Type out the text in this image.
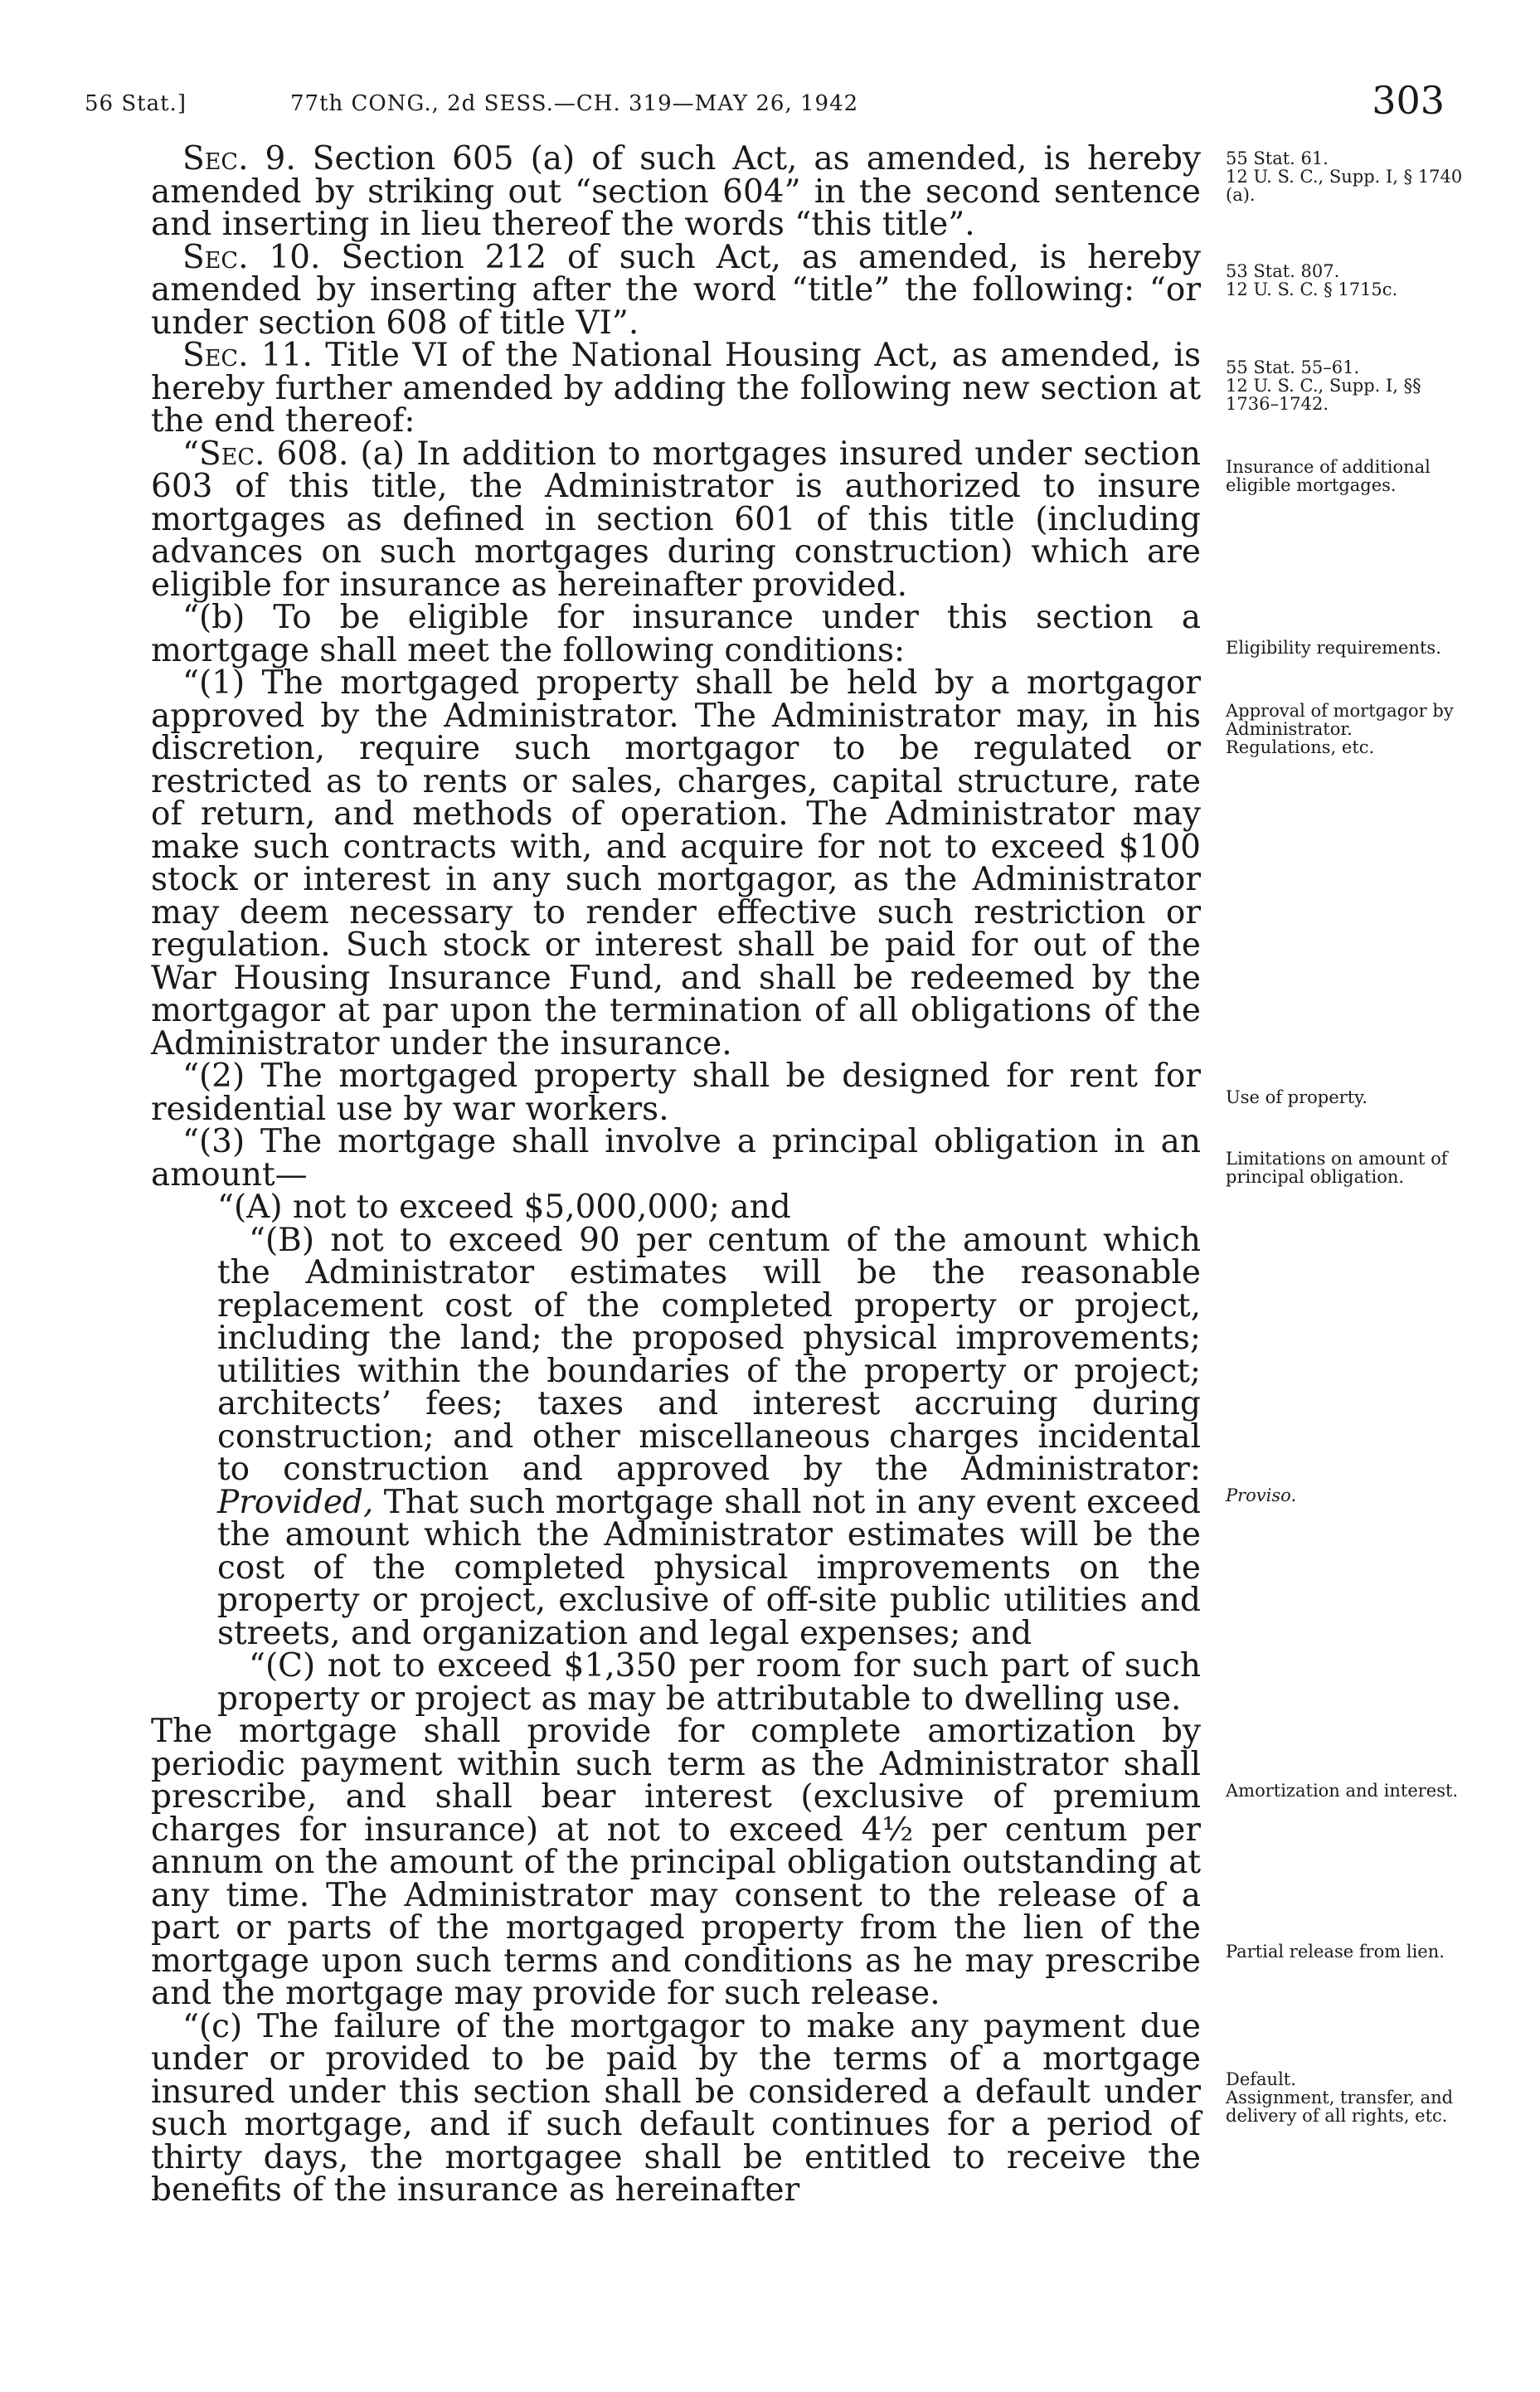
56 Stat.]	77th CONG., 2d SESS.—CH. 319—MAY 26, 1942	303

Sec. 9. Section 605 (a) of such Act, as amended, is hereby amended by striking out “section 604” in the second sentence and inserting in lieu thereof the words “this title”.

Sec. 10. Section 212 of such Act, as amended, is hereby amended by inserting after the word “title” the following: “or under section 608 of title VI”.

Sec. 11. Title VI of the National Housing Act, as amended, is hereby further amended by adding the following new section at the end thereof:

“Sec. 608. (a) In addition to mortgages insured under section 603 of this title, the Administrator is authorized to insure mortgages as defined in section 601 of this title (including advances on such mortgages during construction) which are eligible for insurance as hereinafter provided.

“(b) To be eligible for insurance under this section a mortgage shall meet the following conditions:

“(1) The mortgaged property shall be held by a mortgagor approved by the Administrator. The Administrator may, in his discretion, require such mortgagor to be regulated or restricted as to rents or sales, charges, capital structure, rate of return, and methods of operation. The Administrator may make such contracts with, and acquire for not to exceed $100 stock or interest in any such mortgagor, as the Administrator may deem necessary to render effective such restriction or regulation. Such stock or interest shall be paid for out of the War Housing Insurance Fund, and shall be redeemed by the mortgagor at par upon the termination of all obligations of the Administrator under the insurance.

“(2) The mortgaged property shall be designed for rent for residential use by war workers.

“(3) The mortgage shall involve a principal obligation in an amount—

“(A) not to exceed $5,000,000; and

“(B) not to exceed 90 per centum of the amount which the Administrator estimates will be the reasonable replacement cost of the completed property or project, including the land; the proposed physical improvements; utilities within the boundaries of the property or project; architects’ fees; taxes and interest accruing during construction; and other miscellaneous charges incidental to construction and approved by the Administrator: Provided, That such mortgage shall not in any event exceed the amount which the Administrator estimates will be the cost of the completed physical improvements on the property or project, exclusive of off-site public utilities and streets, and organization and legal expenses; and

“(C) not to exceed $1,350 per room for such part of such property or project as may be attributable to dwelling use.

The mortgage shall provide for complete amortization by periodic payment within such term as the Administrator shall prescribe, and shall bear interest (exclusive of premium charges for insurance) at not to exceed 4½ per centum per annum on the amount of the principal obligation outstanding at any time. The Administrator may consent to the release of a part or parts of the mortgaged property from the lien of the mortgage upon such terms and conditions as he may prescribe and the mortgage may provide for such release.

“(c) The failure of the mortgagor to make any payment due under or provided to be paid by the terms of a mortgage insured under this section shall be considered a default under such mortgage, and if such default continues for a period of thirty days, the mortgagee shall be entitled to receive the benefits of the insurance as hereinafter

55 Stat. 61.
12 U. S. C., Supp. I, § 1740 (a).
53 Stat. 807.
12 U. S. C. § 1715c.
55 Stat. 55–61.
12 U. S. C., Supp. I, §§ 1736–1742.
Insurance of additional eligible mortgages.
Eligibility requirements.
Approval of mortgagor by Administrator.
Regulations, etc.
Use of property.
Limitations on amount of principal obligation.
Proviso.
Amortization and interest.
Partial release from lien.
Default.
Assignment, transfer, and delivery of all rights, etc.
